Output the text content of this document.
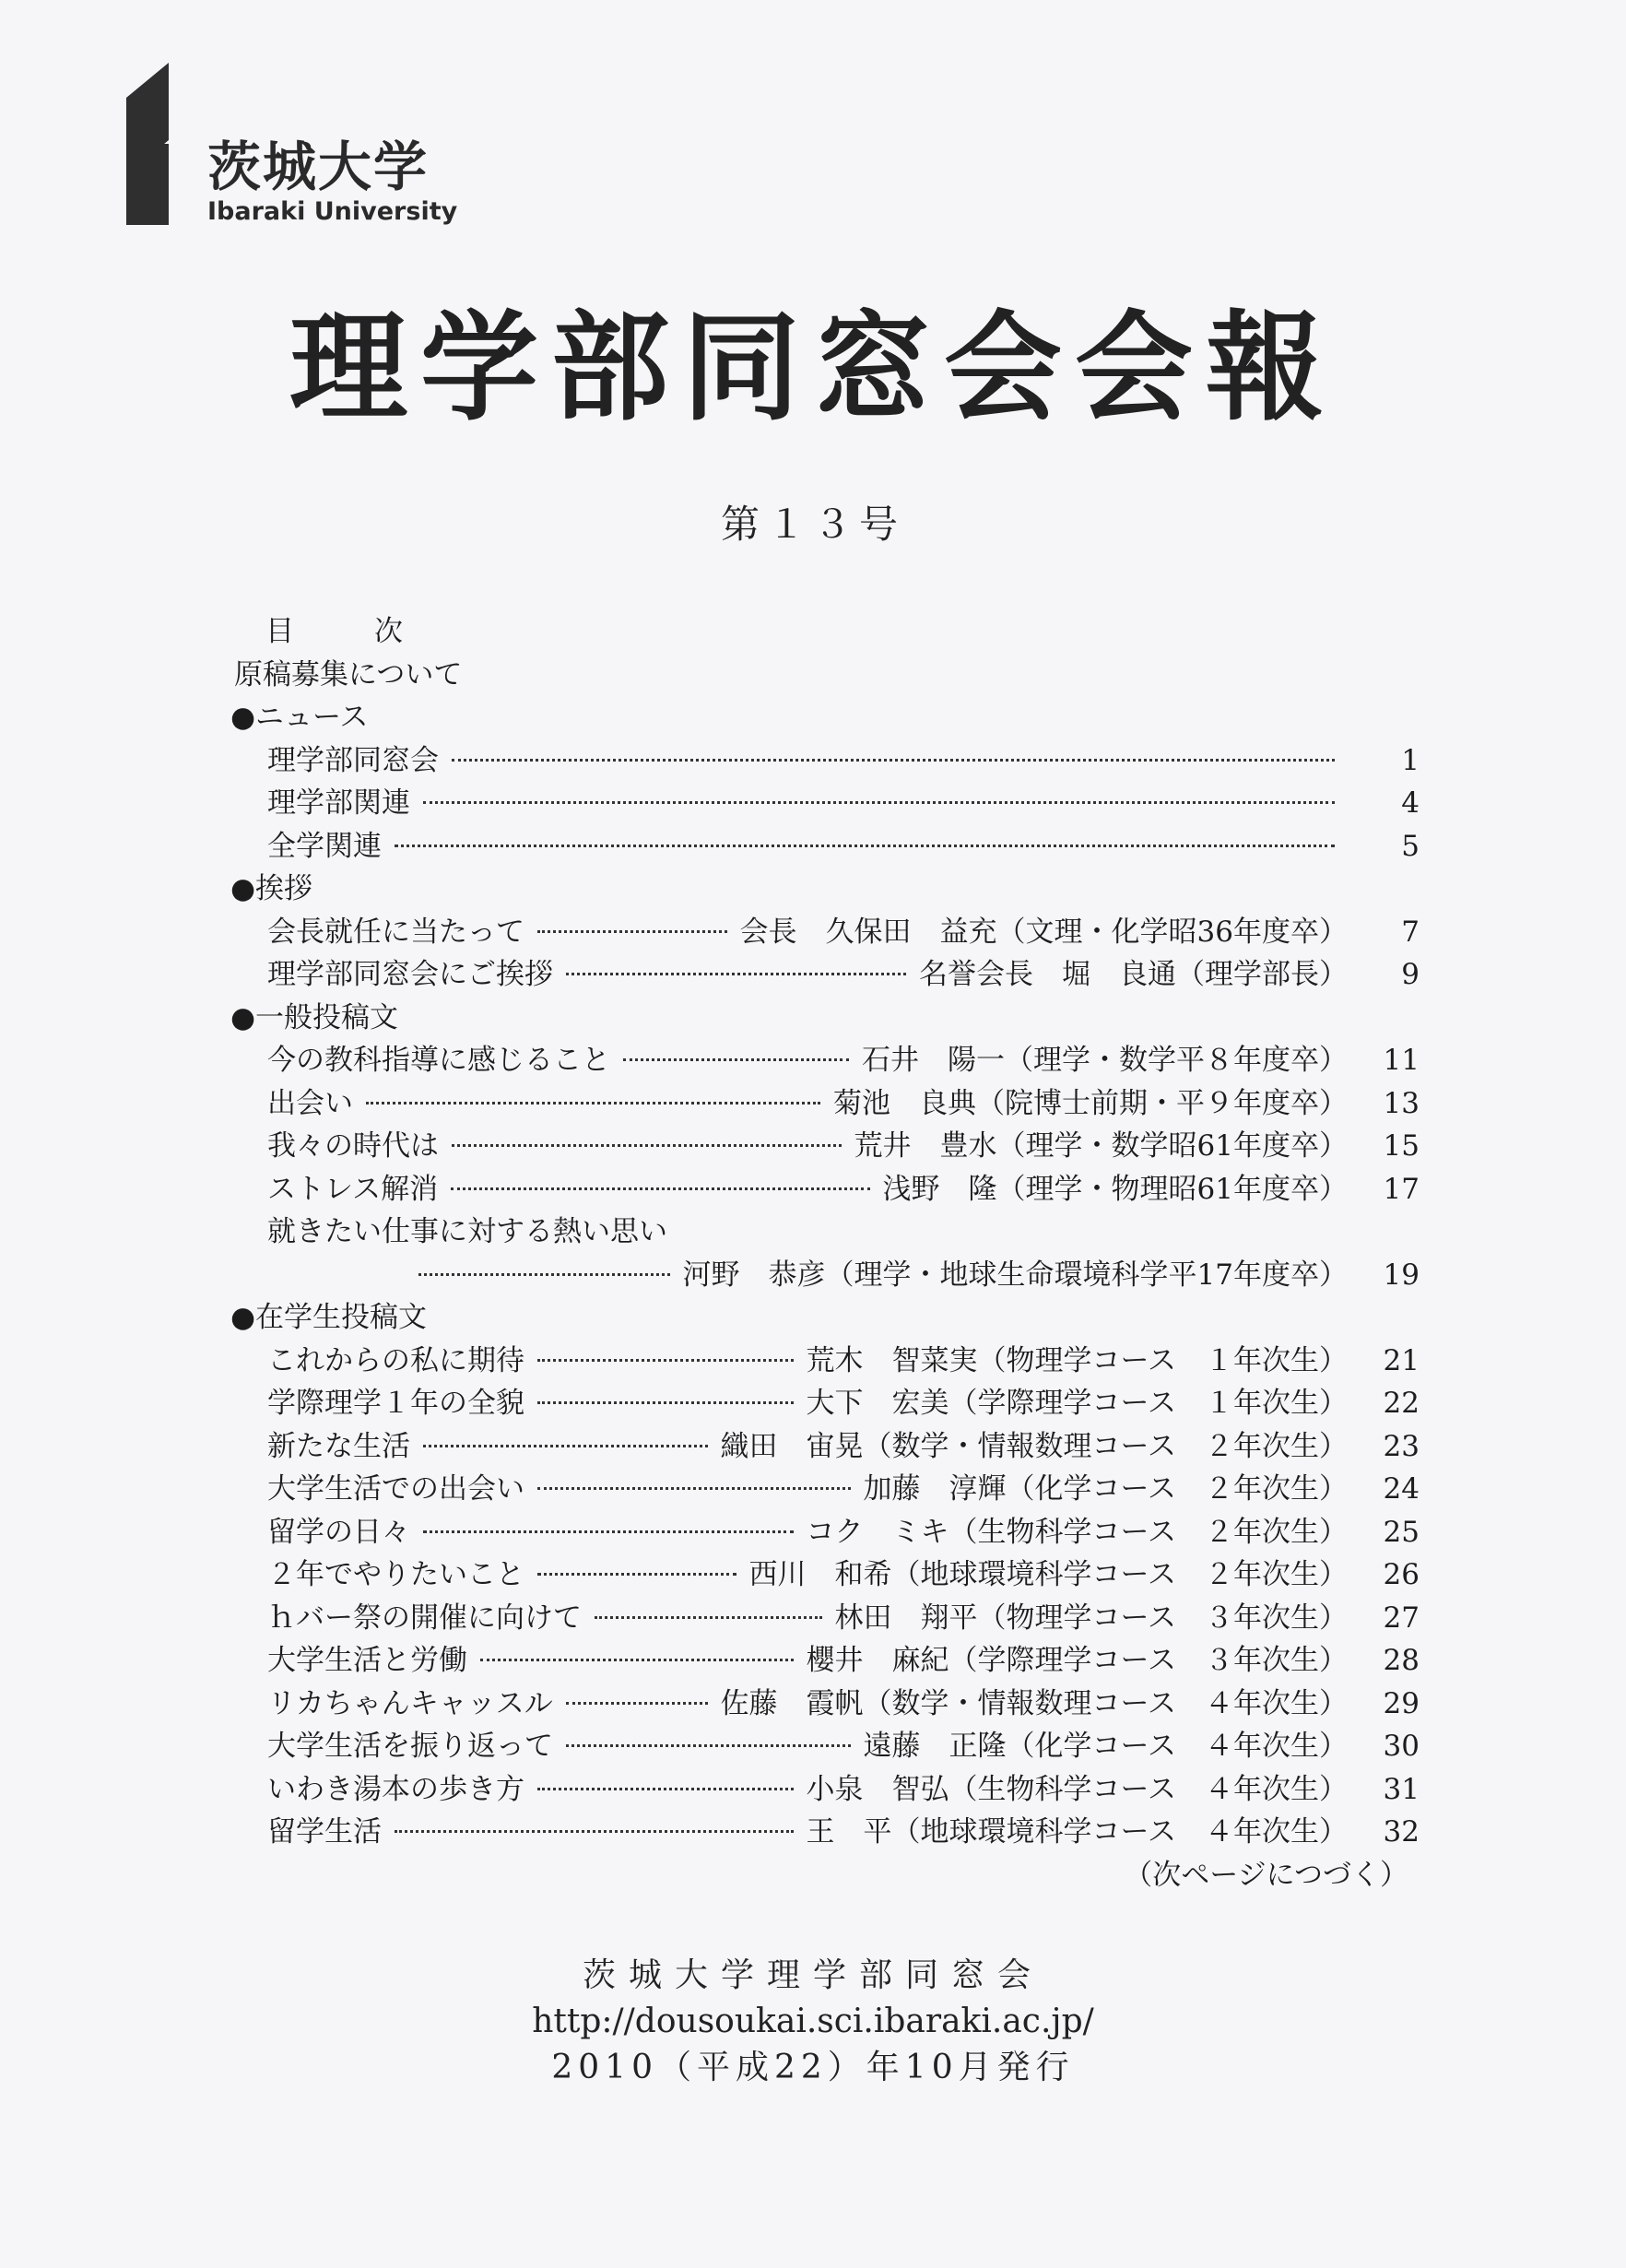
茨城大学
Ibaraki University
理学部同窓会会報
第１３号
目　次
原稿募集について
●ニュース
理学部同窓会	1
理学部関連	4
全学関連	5
●挨拶
会長就任に当たって	会長　久保田　益充（文理・化学昭36年度卒）	7
理学部同窓会にご挨拶	名誉会長　堀　良通（理学部長）	9
●一般投稿文
今の教科指導に感じること	石井　陽一（理学・数学平８年度卒）	11
出会い	菊池　良典（院博士前期・平９年度卒）	13
我々の時代は	荒井　豊水（理学・数学昭61年度卒）	15
ストレス解消	浅野　隆（理学・物理昭61年度卒）	17
就きたい仕事に対する熱い思い
河野　恭彦（理学・地球生命環境科学平17年度卒）	19
●在学生投稿文
これからの私に期待	荒木　智菜実（物理学コース　１年次生）	21
学際理学１年の全貌	大下　宏美（学際理学コース　１年次生）	22
新たな生活	織田　宙晃（数学・情報数理コース　２年次生）	23
大学生活での出会い	加藤　淳輝（化学コース　２年次生）	24
留学の日々	コク　ミキ（生物科学コース　２年次生）	25
２年でやりたいこと	西川　和希（地球環境科学コース　２年次生）	26
ｈバー祭の開催に向けて	林田　翔平（物理学コース　３年次生）	27
大学生活と労働	櫻井　麻紀（学際理学コース　３年次生）	28
リカちゃんキャッスル	佐藤　霞帆（数学・情報数理コース　４年次生）	29
大学生活を振り返って	遠藤　正隆（化学コース　４年次生）	30
いわき湯本の歩き方	小泉　智弘（生物科学コース　４年次生）	31
留学生活	王　平（地球環境科学コース　４年次生）	32
（次ページにつづく）
茨城大学理学部同窓会
http://dousoukai.sci.ibaraki.ac.jp/
2010（平成22）年10月発行
